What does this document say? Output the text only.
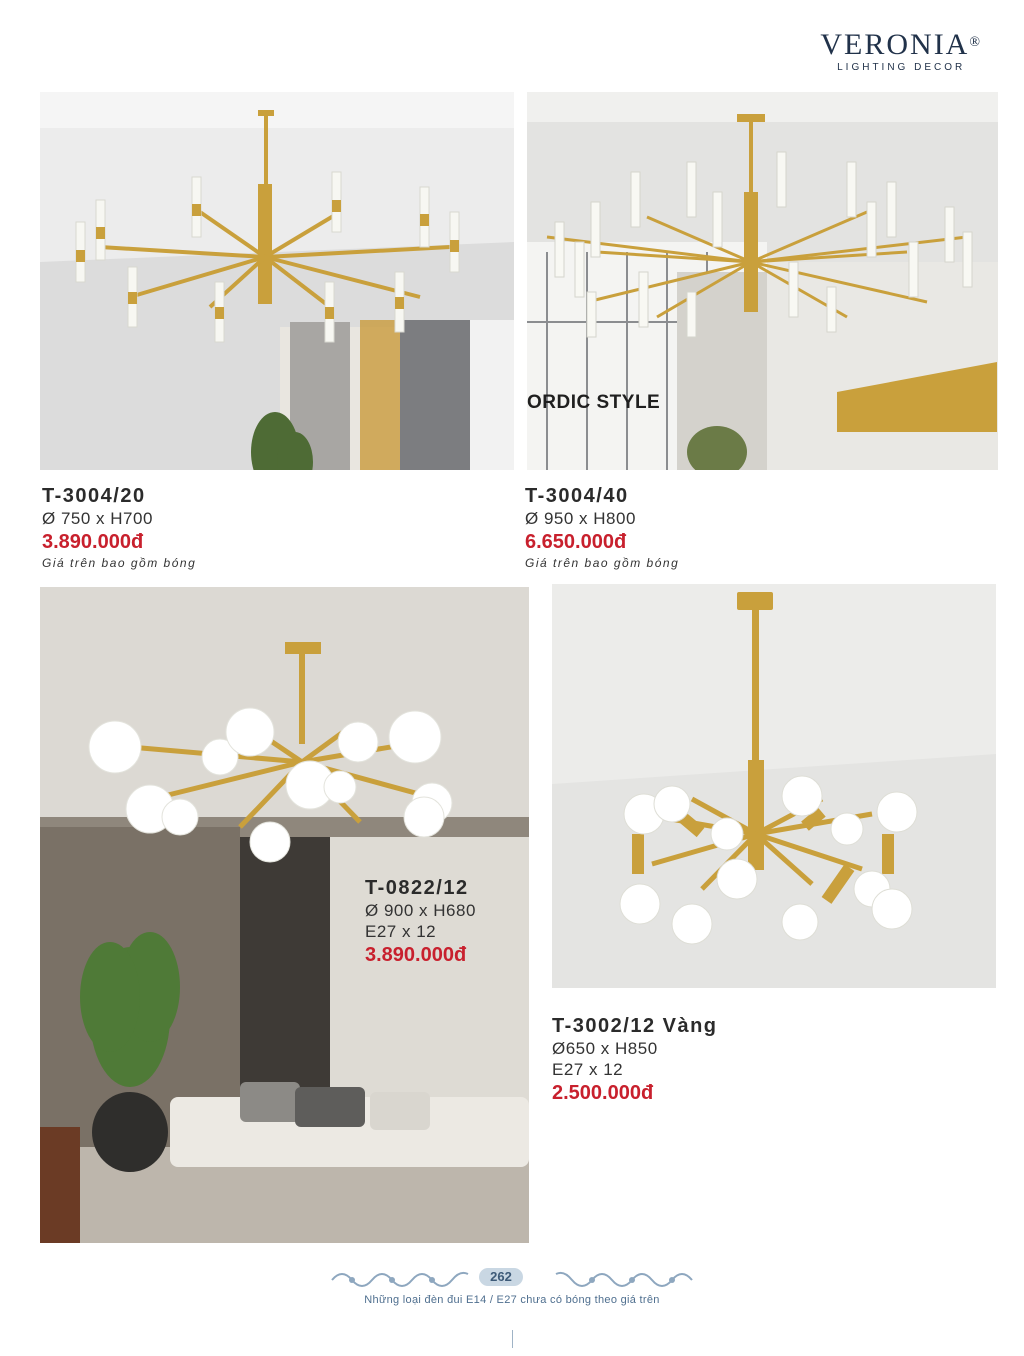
VERONIA®
LIGHTING DECOR
ORDIC STYLE
T-3004/20
Ø 750 x H700
3.890.000đ
Giá trên bao gồm bóng
T-3004/40
Ø 950 x H800
6.650.000đ
Giá trên bao gồm bóng
T-0822/12
Ø 900 x H680
E27 x 12
3.890.000đ
T-3002/12 Vàng
Ø650 x H850
E27 x 12
2.500.000đ
262
Những loại đèn đui E14 / E27 chưa có bóng theo giá trên
